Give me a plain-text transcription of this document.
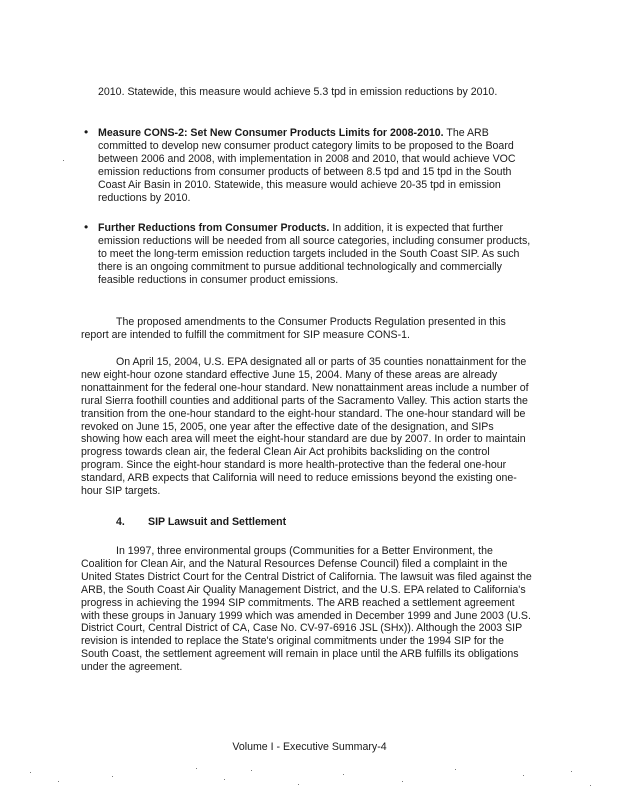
2010. Statewide, this measure would achieve 5.3 tpd in emission reductions by 2010.

• Measure CONS-2: Set New Consumer Products Limits for 2008-2010. The ARB committed to develop new consumer product category limits to be proposed to the Board between 2006 and 2008, with implementation in 2008 and 2010, that would achieve VOC emission reductions from consumer products of between 8.5 tpd and 15 tpd in the South Coast Air Basin in 2010. Statewide, this measure would achieve 20-35 tpd in emission reductions by 2010.

• Further Reductions from Consumer Products. In addition, it is expected that further emission reductions will be needed from all source categories, including consumer products, to meet the long-term emission reduction targets included in the South Coast SIP. As such there is an ongoing commitment to pursue additional technologically and commercially feasible reductions in consumer product emissions.

The proposed amendments to the Consumer Products Regulation presented in this report are intended to fulfill the commitment for SIP measure CONS-1.

On April 15, 2004, U.S. EPA designated all or parts of 35 counties nonattainment for the new eight-hour ozone standard effective June 15, 2004. Many of these areas are already nonattainment for the federal one-hour standard. New nonattainment areas include a number of rural Sierra foothill counties and additional parts of the Sacramento Valley. This action starts the transition from the one-hour standard to the eight-hour standard. The one-hour standard will be revoked on June 15, 2005, one year after the effective date of the designation, and SIPs showing how each area will meet the eight-hour standard are due by 2007. In order to maintain progress towards clean air, the federal Clean Air Act prohibits backsliding on the control program. Since the eight-hour standard is more health-protective than the federal one-hour standard, ARB expects that California will need to reduce emissions beyond the existing one-hour SIP targets.

4. SIP Lawsuit and Settlement

In 1997, three environmental groups (Communities for a Better Environment, the Coalition for Clean Air, and the Natural Resources Defense Council) filed a complaint in the United States District Court for the Central District of California. The lawsuit was filed against the ARB, the South Coast Air Quality Management District, and the U.S. EPA related to California's progress in achieving the 1994 SIP commitments. The ARB reached a settlement agreement with these groups in January 1999 which was amended in December 1999 and June 2003 (U.S. District Court, Central District of CA, Case No. CV-97-6916 JSL (SHx)). Although the 2003 SIP revision is intended to replace the State's original commitments under the 1994 SIP for the South Coast, the settlement agreement will remain in place until the ARB fulfills its obligations under the agreement.

Volume I - Executive Summary-4
